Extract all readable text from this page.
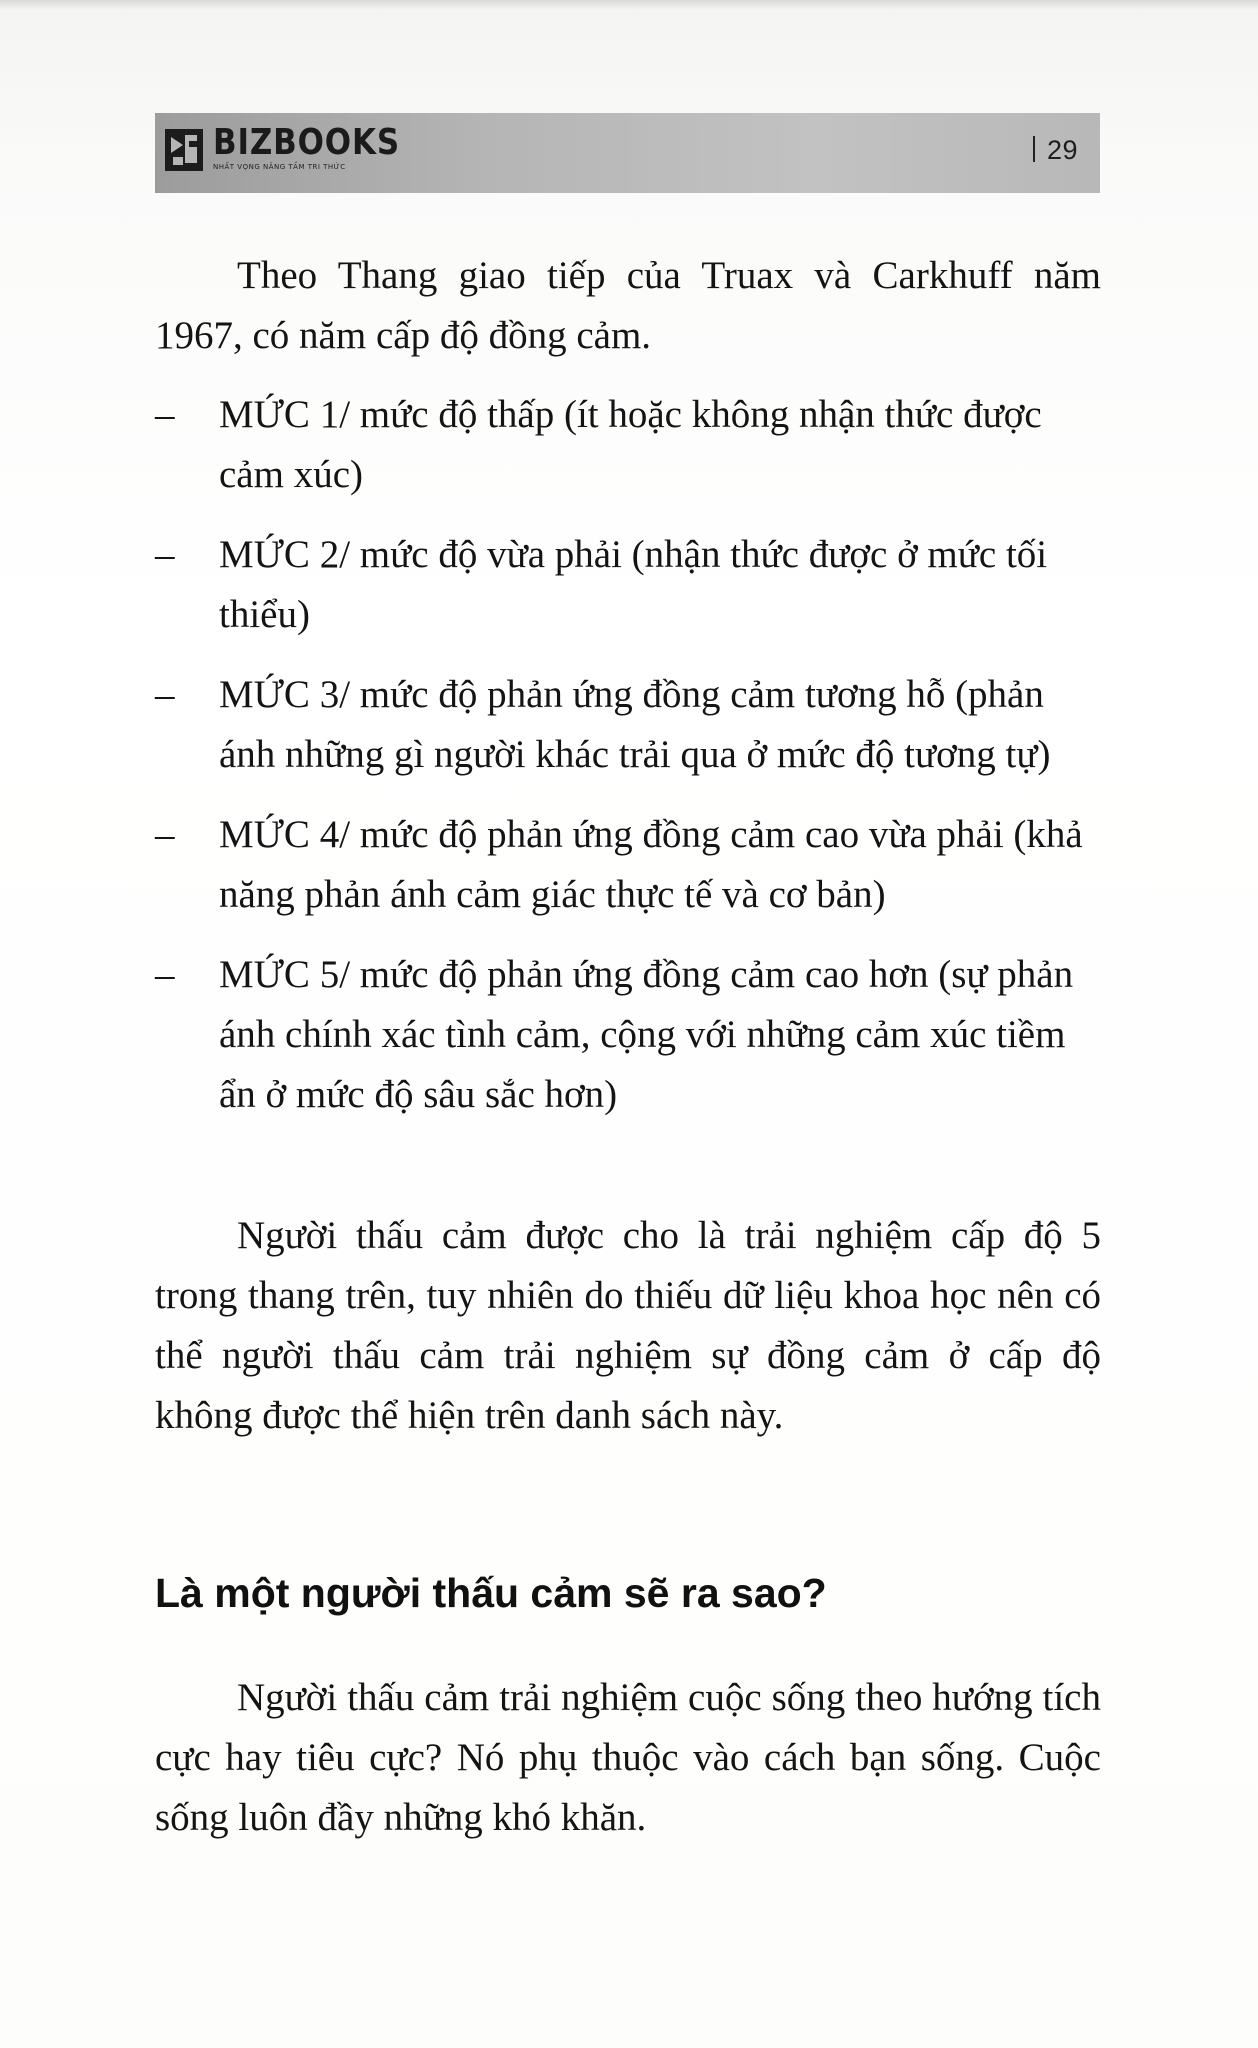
BIZBOOKS
NHẤT VỌNG NÂNG TẦM TRI THỨC
29

Theo Thang giao tiếp của Truax và Carkhuff năm 1967, có năm cấp độ đồng cảm.

– MỨC 1/ mức độ thấp (ít hoặc không nhận thức được cảm xúc)
– MỨC 2/ mức độ vừa phải (nhận thức được ở mức tối thiểu)
– MỨC 3/ mức độ phản ứng đồng cảm tương hỗ (phản ánh những gì người khác trải qua ở mức độ tương tự)
– MỨC 4/ mức độ phản ứng đồng cảm cao vừa phải (khả năng phản ánh cảm giác thực tế và cơ bản)
– MỨC 5/ mức độ phản ứng đồng cảm cao hơn (sự phản ánh chính xác tình cảm, cộng với những cảm xúc tiềm ẩn ở mức độ sâu sắc hơn)

Người thấu cảm được cho là trải nghiệm cấp độ 5 trong thang trên, tuy nhiên do thiếu dữ liệu khoa học nên có thể người thấu cảm trải nghiệm sự đồng cảm ở cấp độ không được thể hiện trên danh sách này.

Là một người thấu cảm sẽ ra sao?

Người thấu cảm trải nghiệm cuộc sống theo hướng tích cực hay tiêu cực? Nó phụ thuộc vào cách bạn sống. Cuộc sống luôn đầy những khó khăn.
